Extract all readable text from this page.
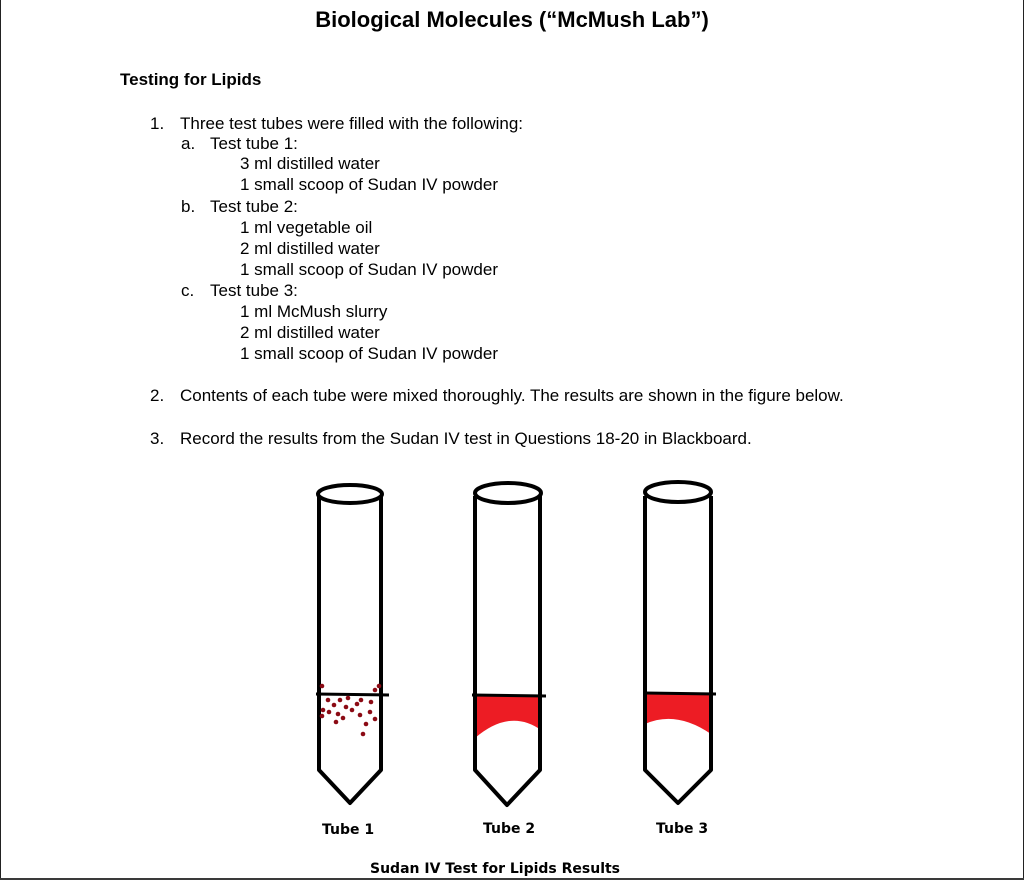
Biological Molecules (“McMush Lab”)
Testing for Lipids
1. Three test tubes were filled with the following:
a. Test tube 1:
3 ml distilled water
1 small scoop of Sudan IV powder
b. Test tube 2:
1 ml vegetable oil
2 ml distilled water
1 small scoop of Sudan IV powder
c. Test tube 3:
1 ml McMush slurry
2 ml distilled water
1 small scoop of Sudan IV powder
2. Contents of each tube were mixed thoroughly. The results are shown in the figure below.
3. Record the results from the Sudan IV test in Questions 18-20 in Blackboard.
Tube 1	Tube 2	Tube 3
Sudan IV Test for Lipids Results
